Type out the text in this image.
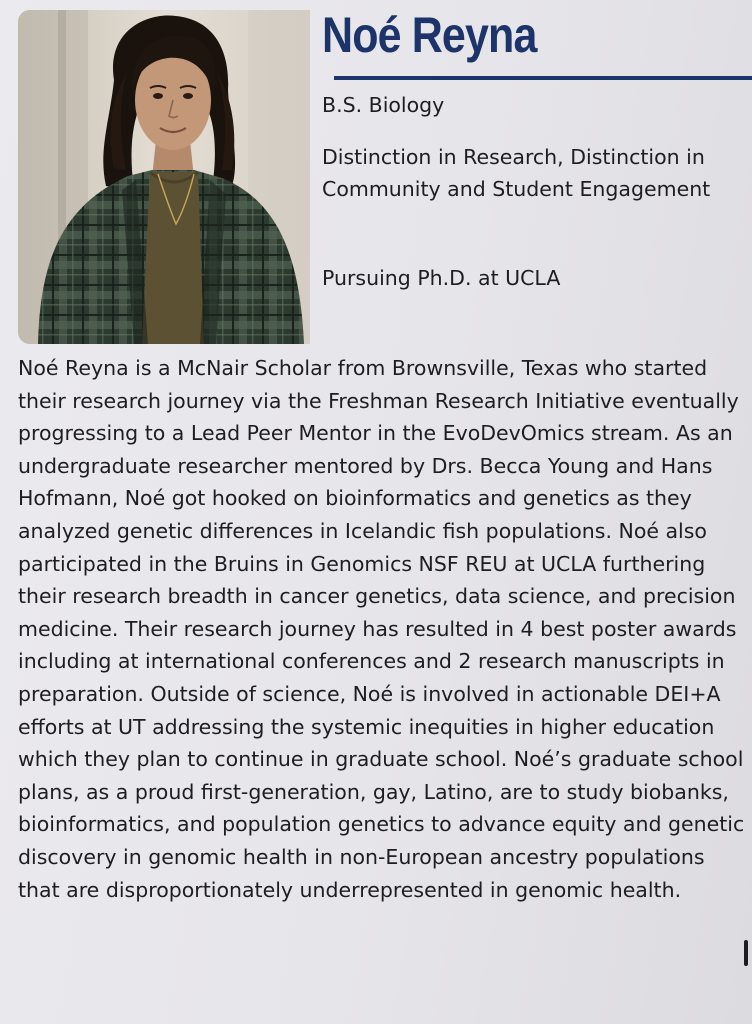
Noé Reyna
B.S. Biology
Distinction in Research, Distinction in Community and Student Engagement
Pursuing Ph.D. at UCLA

Noé Reyna is a McNair Scholar from Brownsville, Texas who started their research journey via the Freshman Research Initiative eventually progressing to a Lead Peer Mentor in the EvoDevOmics stream. As an undergraduate researcher mentored by Drs. Becca Young and Hans Hofmann, Noé got hooked on bioinformatics and genetics as they analyzed genetic differences in Icelandic fish populations. Noé also participated in the Bruins in Genomics NSF REU at UCLA furthering their research breadth in cancer genetics, data science, and precision medicine. Their research journey has resulted in 4 best poster awards including at international conferences and 2 research manuscripts in preparation. Outside of science, Noé is involved in actionable DEI+A efforts at UT addressing the systemic inequities in higher education which they plan to continue in graduate school. Noé’s graduate school plans, as a proud first-generation, gay, Latino, are to study biobanks, bioinformatics, and population genetics to advance equity and genetic discovery in genomic health in non-European ancestry populations that are disproportionately underrepresented in genomic health.
